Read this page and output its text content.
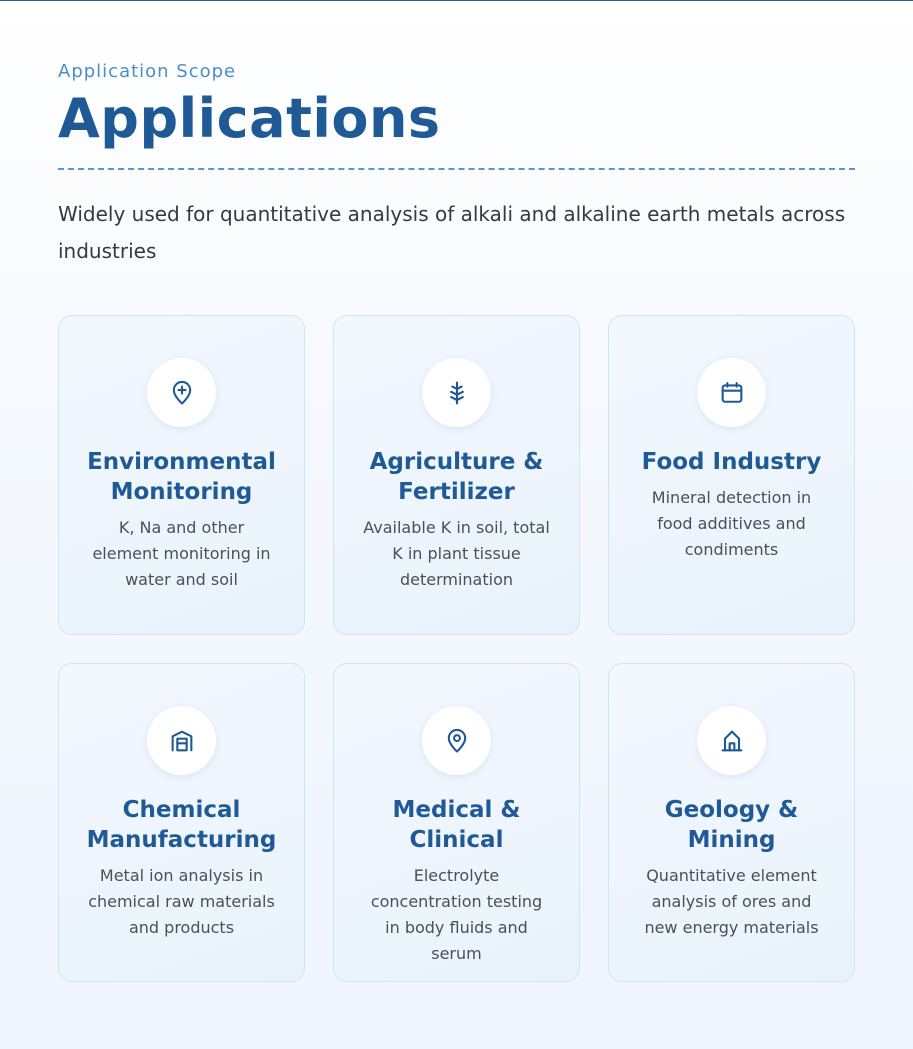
Application Scope
Applications

Widely used for quantitative analysis of alkali and alkaline earth metals across industries

Environmental Monitoring
K, Na and other element monitoring in water and soil
Agriculture & Fertilizer
Available K in soil, total K in plant tissue determination
Food Industry
Mineral detection in food additives and condiments
Chemical Manufacturing
Metal ion analysis in chemical raw materials and products
Medical & Clinical
Electrolyte concentration testing in body fluids and serum
Geology & Mining
Quantitative element analysis of ores and new energy materials
